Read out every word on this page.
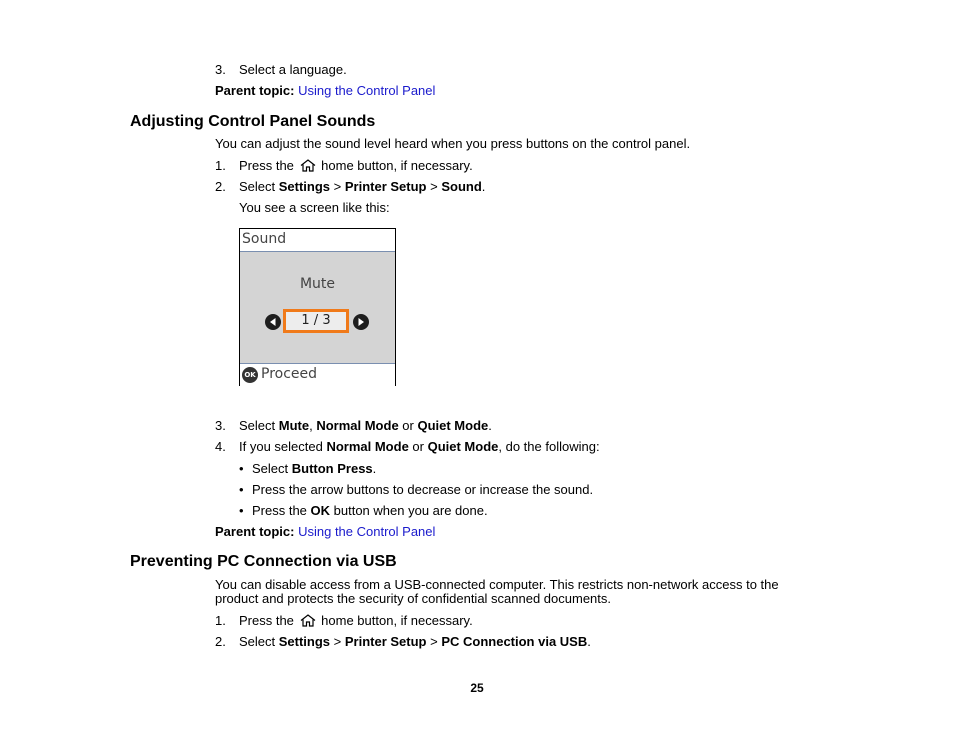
3.	Select a language.
Parent topic: Using the Control Panel
Adjusting Control Panel Sounds
You can adjust the sound level heard when you press buttons on the control panel.
1.	Press the home button, if necessary.
2.	Select Settings > Printer Setup > Sound.
You see a screen like this:
Sound
Mute
1 / 3
OK Proceed
3.	Select Mute, Normal Mode or Quiet Mode.
4.	If you selected Normal Mode or Quiet Mode, do the following:
• Select Button Press.
• Press the arrow buttons to decrease or increase the sound.
• Press the OK button when you are done.
Parent topic: Using the Control Panel
Preventing PC Connection via USB
You can disable access from a USB-connected computer. This restricts non-network access to the
product and protects the security of confidential scanned documents.
1.	Press the home button, if necessary.
2.	Select Settings > Printer Setup > PC Connection via USB.
25
